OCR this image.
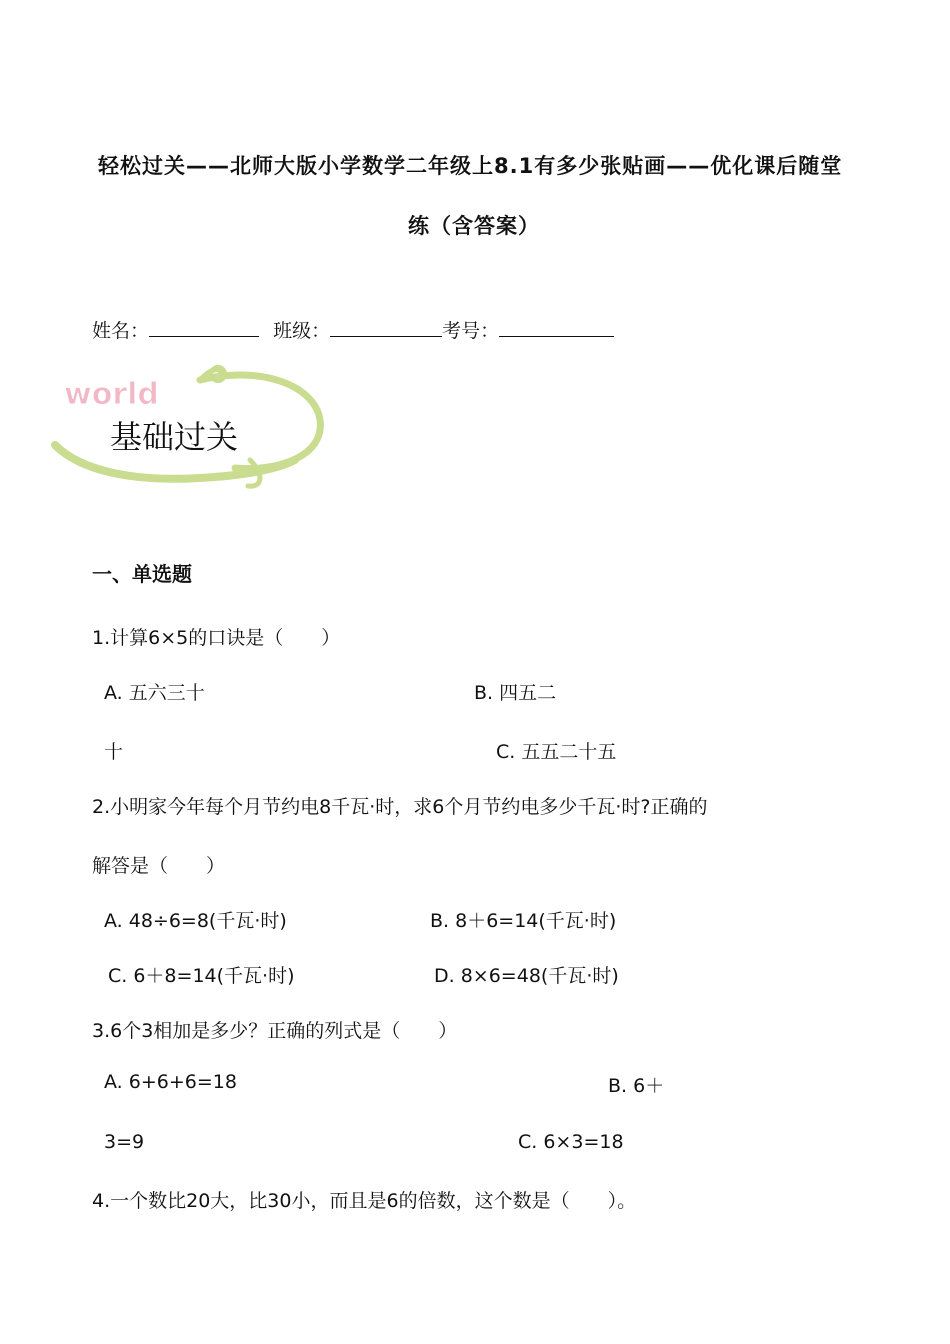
轻松过关——北师大版小学数学二年级上8.1有多少张贴画——优化课后随堂
练（含答案）
姓名：	班级：	考号：
world
基础过关
一、单选题
1.计算6×5的口诀是（　　）
A. 五六三十	B. 四五二
十	C. 五五二十五
2.小明家今年每个月节约电8千瓦·时，求6个月节约电多少千瓦·时?正确的
解答是（　　）
A. 48÷6=8(千瓦·时)	B. 8＋6=14(千瓦·时)
C. 6＋8=14(千瓦·时)	D. 8×6=48(千瓦·时)
3.6个3相加是多少？正确的列式是（　　）
A. 6+6+6=18	B. 6＋
3=9	C. 6×3=18
4.一个数比20大，比30小，而且是6的倍数，这个数是（　　）。
